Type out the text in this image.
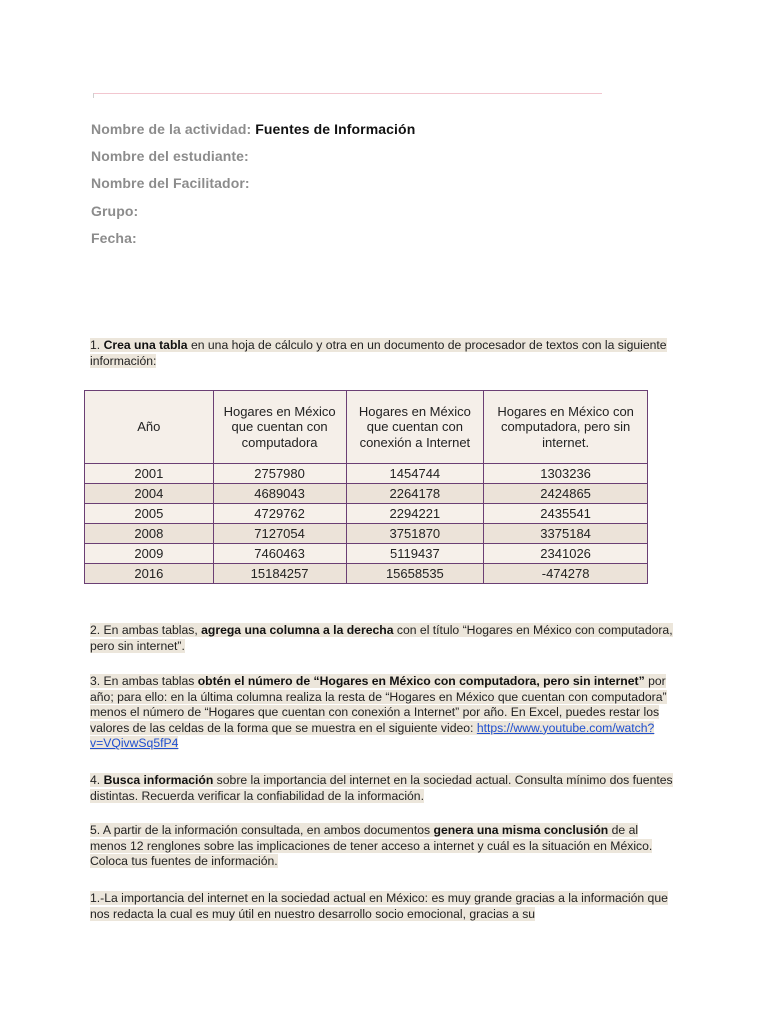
Nombre de la actividad: Fuentes de Información
Nombre del estudiante:
Nombre del Facilitador:
Grupo:
Fecha:
1. Crea una tabla en una hoja de cálculo y otra en un documento de procesador de textos con la siguiente información:
Año	Hogares en México que cuentan con computadora	Hogares en México que cuentan con conexión a Internet	Hogares en México con computadora, pero sin internet.
2001	2757980	1454744	1303236
2004	4689043	2264178	2424865
2005	4729762	2294221	2435541
2008	7127054	3751870	3375184
2009	7460463	5119437	2341026
2016	15184257	15658535	-474278
2. En ambas tablas, agrega una columna a la derecha con el título “Hogares en México con computadora, pero sin internet”.
3. En ambas tablas obtén el número de “Hogares en México con computadora, pero sin internet” por año; para ello: en la última columna realiza la resta de “Hogares en México que cuentan con computadora” menos el número de “Hogares que cuentan con conexión a Internet” por año. En Excel, puedes restar los valores de las celdas de la forma que se muestra en el siguiente video: https://www.youtube.com/watch?v=VQivwSq5fP4
4. Busca información sobre la importancia del internet en la sociedad actual. Consulta mínimo dos fuentes distintas. Recuerda verificar la confiabilidad de la información.
5. A partir de la información consultada, en ambos documentos genera una misma conclusión de al menos 12 renglones sobre las implicaciones de tener acceso a internet y cuál es la situación en México. Coloca tus fuentes de información.
1.-La importancia del internet en la sociedad actual en México: es muy grande gracias a la información que nos redacta la cual es muy útil en nuestro desarrollo socio emocional, gracias a su
